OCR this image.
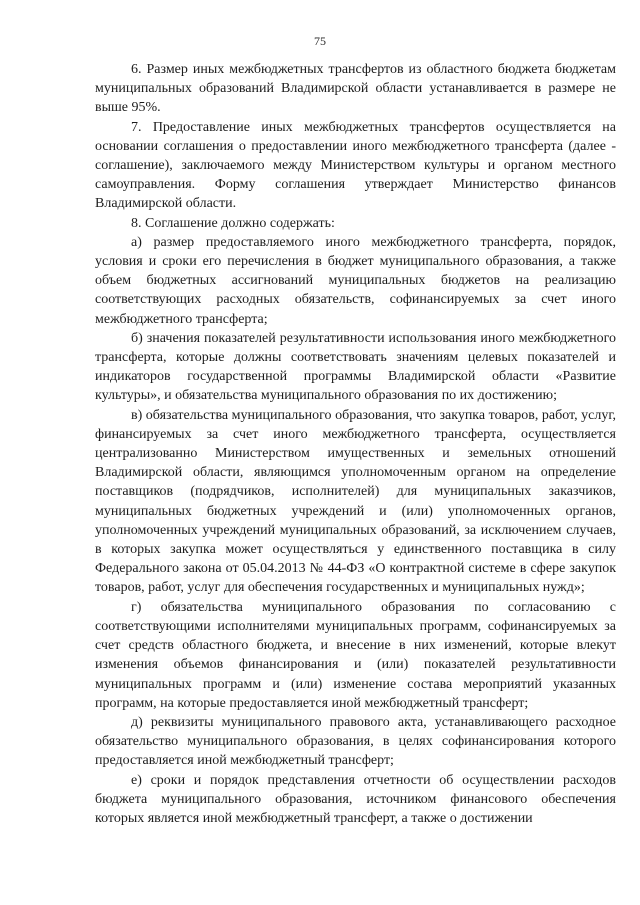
75

6. Размер иных межбюджетных трансфертов из областного бюджета бюджетам муниципальных образований Владимирской области устанавливается в размере не выше 95%.

7. Предоставление иных межбюджетных трансфертов осуществляется на основании соглашения о предоставлении иного межбюджетного трансферта (далее - соглашение), заключаемого между Министерством культуры и органом местного самоуправления. Форму соглашения утверждает Министерство финансов Владимирской области.

8. Соглашение должно содержать:

а) размер предоставляемого иного межбюджетного трансферта, порядок, условия и сроки его перечисления в бюджет муниципального образования, а также объем бюджетных ассигнований муниципальных бюджетов на реализацию соответствующих расходных обязательств, софинансируемых за счет иного межбюджетного трансферта;

б) значения показателей результативности использования иного межбюджетного трансферта, которые должны соответствовать значениям целевых показателей и индикаторов государственной программы Владимирской области «Развитие культуры», и обязательства муниципального образования по их достижению;

в) обязательства муниципального образования, что закупка товаров, работ, услуг, финансируемых за счет иного межбюджетного трансферта, осуществляется централизованно Министерством имущественных и земельных отношений Владимирской области, являющимся уполномоченным органом на определение поставщиков (подрядчиков, исполнителей) для муниципальных заказчиков, муниципальных бюджетных учреждений и (или) уполномоченных органов, уполномоченных учреждений муниципальных образований, за исключением случаев, в которых закупка может осуществляться у единственного поставщика в силу Федерального закона от 05.04.2013 № 44-ФЗ «О контрактной системе в сфере закупок товаров, работ, услуг для обеспечения государственных и муниципальных нужд»;

г) обязательства муниципального образования по согласованию с соответствующими исполнителями муниципальных программ, софинансируемых за счет средств областного бюджета, и внесение в них изменений, которые влекут изменения объемов финансирования и (или) показателей результативности муниципальных программ и (или) изменение состава мероприятий указанных программ, на которые предоставляется иной межбюджетный трансферт;

д) реквизиты муниципального правового акта, устанавливающего расходное обязательство муниципального образования, в целях софинансирования которого предоставляется иной межбюджетный трансферт;

е) сроки и порядок представления отчетности об осуществлении расходов бюджета муниципального образования, источником финансового обеспечения которых является иной межбюджетный трансферт, а также о достижении
